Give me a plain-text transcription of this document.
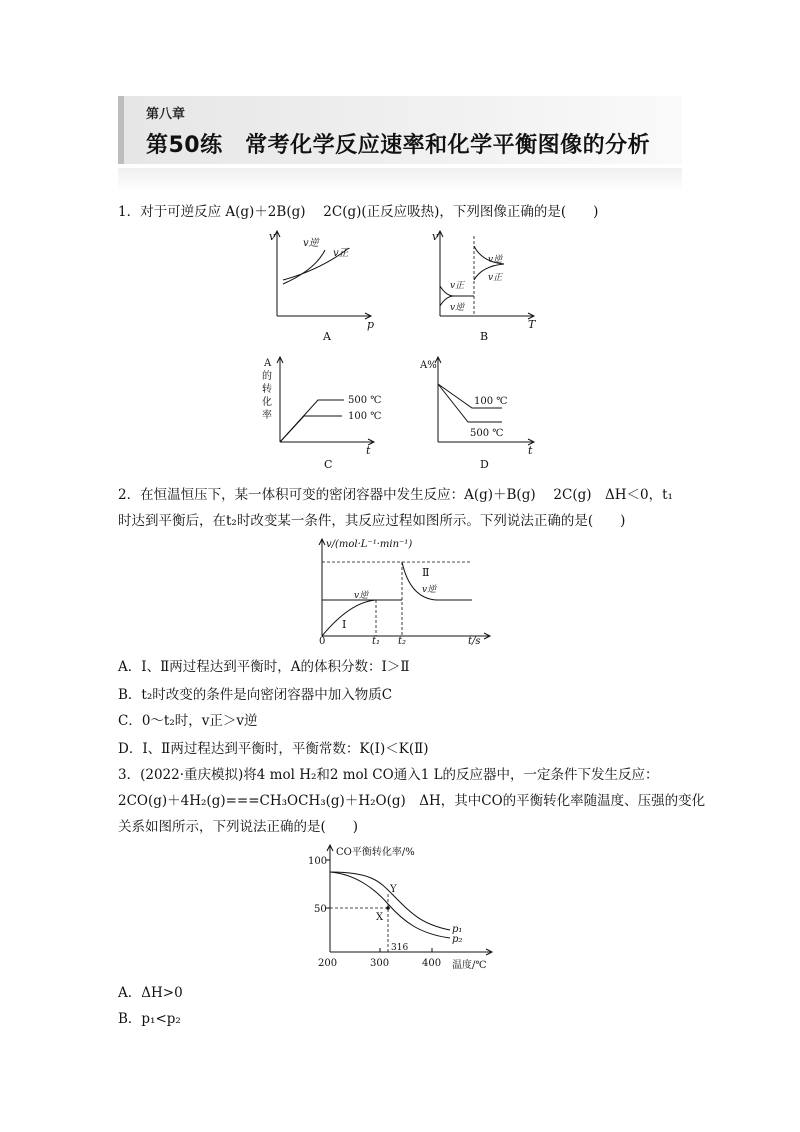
第八章
第50练　常考化学反应速率和化学平衡图像的分析
1．对于可逆反应 A(g)＋2B(g)　 2C(g)(正反应吸热)，下列图像正确的是(　　)
v
p
v逆
v正
A
v
T
v逆
v正
v正
v逆
B
A
的
转
化
率
500 ℃
100 ℃
t
C
A%
100 ℃
500 ℃
t
D
2．在恒温恒压下，某一体积可变的密闭容器中发生反应：A(g)＋B(g)　 2C(g)　ΔH＜0，t₁
时达到平衡后，在t₂时改变某一条件，其反应过程如图所示。下列说法正确的是(　　)
v/(mol·L⁻¹·min⁻¹)
0	t₁ t₂	t/s
Ⅰ
Ⅱ
v逆
v逆
A．Ⅰ、Ⅱ两过程达到平衡时，A的体积分数：Ⅰ＞Ⅱ
B．t₂时改变的条件是向密闭容器中加入物质C
C．0～t₂时，v正＞v逆
D．Ⅰ、Ⅱ两过程达到平衡时，平衡常数：K(Ⅰ)＜K(Ⅱ)
3．(2022·重庆模拟)将4 mol H₂和2 mol CO通入1 L的反应器中，一定条件下发生反应：
2CO(g)＋4H₂(g)===CH₃OCH₃(g)＋H₂O(g)　ΔH，其中CO的平衡转化率随温度、压强的变化
关系如图所示，下列说法正确的是(　　)
CO平衡转化率/%
100
50
200	300	400 温度/℃
316
Y
X
p₁
p₂
A．ΔH>0
B．p₁<p₂
